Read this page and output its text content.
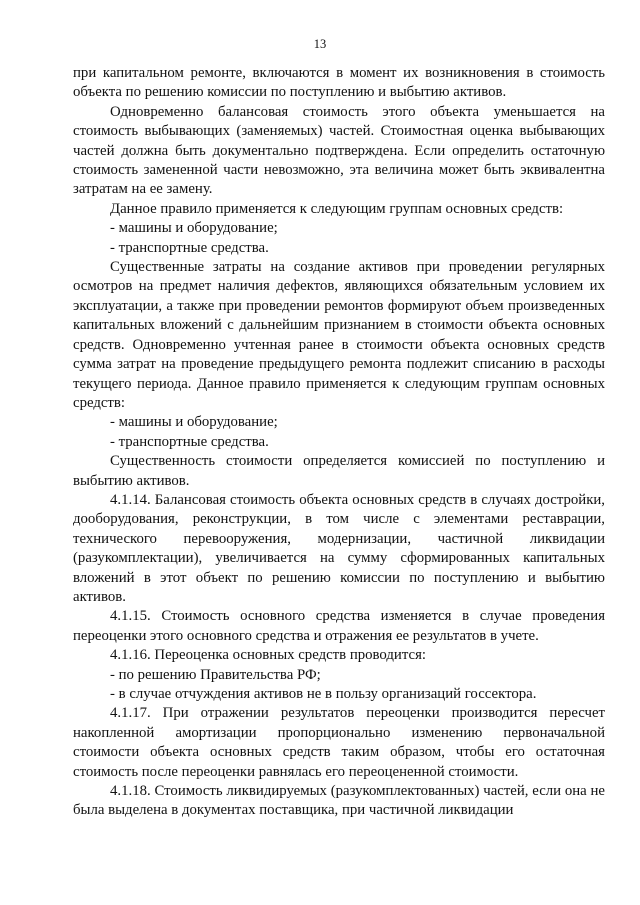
13

при капитальном ремонте, включаются в момент их возникновения в стоимость объекта по решению комиссии по поступлению и выбытию активов.

Одновременно балансовая стоимость этого объекта уменьшается на стоимость выбывающих (заменяемых) частей. Стоимостная оценка выбывающих частей должна быть документально подтверждена. Если определить остаточную стоимость замененной части невозможно, эта величина может быть эквивалентна затратам на ее замену.

Данное правило применяется к следующим группам основных средств:

- машины и оборудование;

- транспортные средства.

Существенные затраты на создание активов при проведении регулярных осмотров на предмет наличия дефектов, являющихся обязательным условием их эксплуатации, а также при проведении ремонтов формируют объем произведенных капитальных вложений с дальнейшим признанием в стоимости объекта основных средств. Одновременно учтенная ранее в стоимости объекта основных средств сумма затрат на проведение предыдущего ремонта подлежит списанию в расходы текущего периода. Данное правило применяется к следующим группам основных средств:

- машины и оборудование;

- транспортные средства.

Существенность стоимости определяется комиссией по поступлению и выбытию активов.

4.1.14. Балансовая стоимость объекта основных средств в случаях достройки, дооборудования, реконструкции, в том числе с элементами реставрации, технического перевооружения, модернизации, частичной ликвидации (разукомплектации), увеличивается на сумму сформированных капитальных вложений в этот объект по решению комиссии по поступлению и выбытию активов.

4.1.15. Стоимость основного средства изменяется в случае проведения переоценки этого основного средства и отражения ее результатов в учете.

4.1.16. Переоценка основных средств проводится:

- по решению Правительства РФ;

- в случае отчуждения активов не в пользу организаций госсектора.

4.1.17. При отражении результатов переоценки производится пересчет накопленной амортизации пропорционально изменению первоначальной стоимости объекта основных средств таким образом, чтобы его остаточная стоимость после переоценки равнялась его переоцененной стоимости.

4.1.18. Стоимость ликвидируемых (разукомплектованных) частей, если она не была выделена в документах поставщика, при частичной ликвидации
